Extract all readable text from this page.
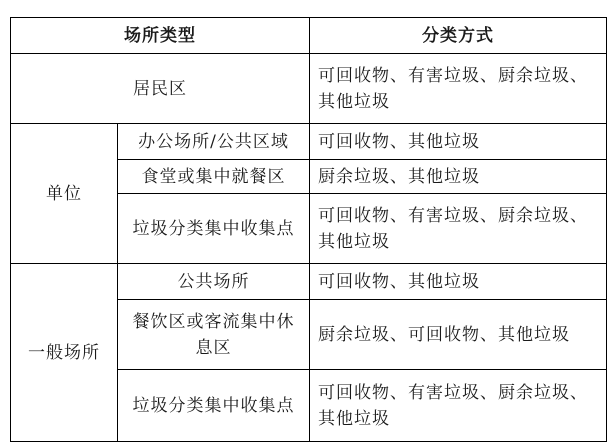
场所类型		分类方式
居民区		可回收物、有害垃圾、厨余垃圾、其他垃圾
单位	办公场所/公共区域	可回收物、其他垃圾
	食堂或集中就餐区	厨余垃圾、其他垃圾
	垃圾分类集中收集点	可回收物、有害垃圾、厨余垃圾、其他垃圾
一般场所	公共场所	可回收物、其他垃圾
	餐饮区或客流集中休息区	厨余垃圾、可回收物、其他垃圾
	垃圾分类集中收集点	可回收物、有害垃圾、厨余垃圾、其他垃圾
